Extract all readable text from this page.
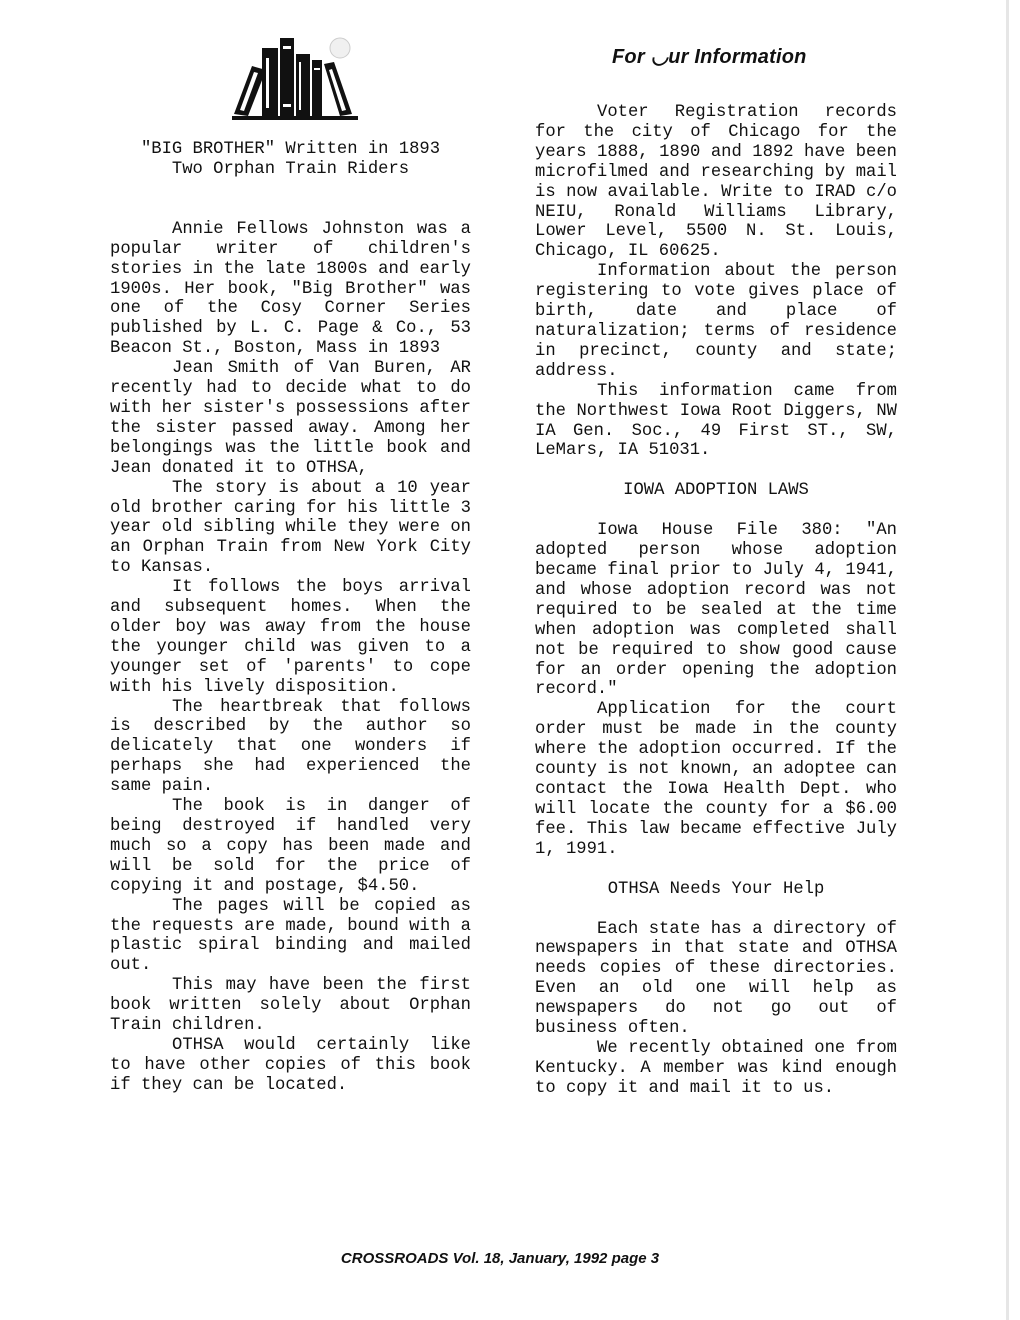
For ◡ur Information

"BIG BROTHER" Written in 1893

Two Orphan Train Riders

Annie Fellows Johnston was a popular writer of children's stories in the late 1800s and early 1900s. Her book, "Big Brother" was one of the Cosy Corner Series published by L. C. Page & Co., 53 Beacon St., Boston, Mass in 1893

Jean Smith of Van Buren, AR recently had to decide what to do with her sister's possessions after the sister passed away. Among her belongings was the little book and Jean donated it to OTHSA,

The story is about a 10 year old brother caring for his little 3 year old sibling while they were on an Orphan Train from New York City to Kansas.

It follows the boys arrival and subsequent homes. When the older boy was away from the house the younger child was given to a younger set of 'parents' to cope with his lively disposition.

The heartbreak that follows is described by the author so delicately that one wonders if perhaps she had experienced the same pain.

The book is in danger of being destroyed if handled very much so a copy has been made and will be sold for the price of copying it and postage, $4.50.

The pages will be copied as the requests are made, bound with a plastic spiral binding and mailed out.

This may have been the first book written solely about Orphan Train children.

OTHSA would certainly like to have other copies of this book if they can be located.

Voter Registration records for the city of Chicago for the years 1888, 1890 and 1892 have been microfilmed and researching by mail is now available. Write to IRAD c/o NEIU, Ronald Williams Library, Lower Level, 5500 N. St. Louis, Chicago, IL 60625.

Information about the person registering to vote gives place of birth, date and place of naturalization; terms of residence in precinct, county and state; address.

This information came from the Northwest Iowa Root Diggers, NW IA Gen. Soc., 49 First ST., SW, LeMars, IA 51031.

IOWA ADOPTION LAWS

Iowa House File 380: "An adopted person whose adoption became final prior to July 4, 1941, and whose adoption record was not required to be sealed at the time when adoption was completed shall not be required to show good cause for an order opening the adoption record."

Application for the court order must be made in the county where the adoption occurred. If the county is not known, an adoptee can contact the Iowa Health Dept. who will locate the county for a $6.00 fee. This law became effective July 1, 1991.

OTHSA Needs Your Help

Each state has a directory of newspapers in that state and OTHSA needs copies of these directories. Even an old one will help as newspapers do not go out of business often.

We recently obtained one from Kentucky. A member was kind enough to copy it and mail it to us.

CROSSROADS Vol. 18, January, 1992 page 3
